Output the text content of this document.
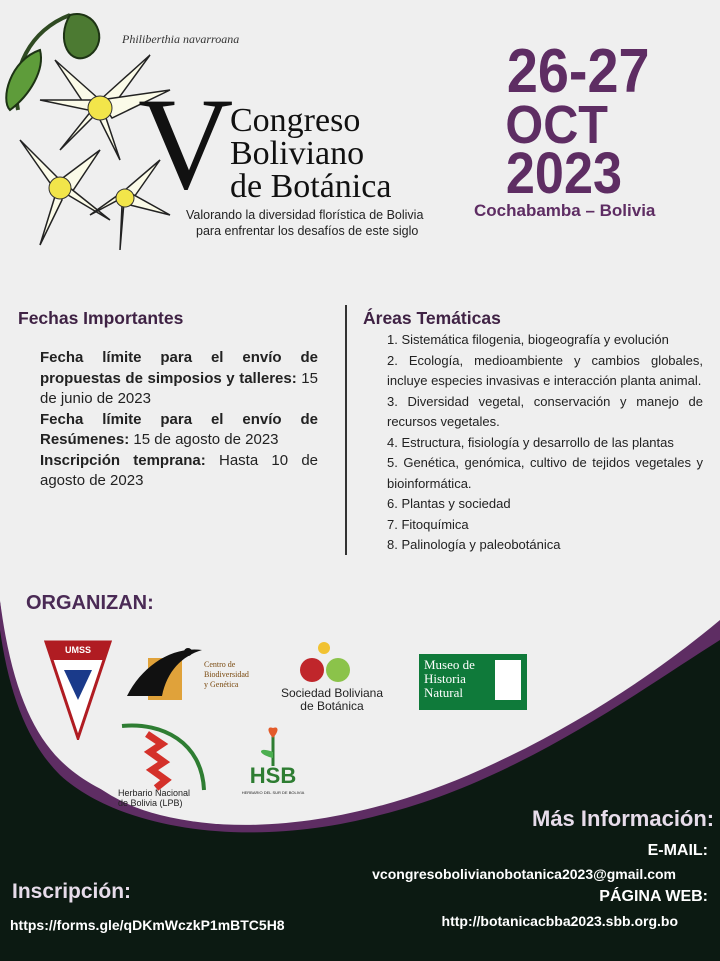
Philiberthia navarroana
V
Congreso
Boliviano
de Botánica
Valorando la diversidad florística de Bolivia
para enfrentar los desafíos de este siglo
26-27
OCT
2023
Cochabamba – Bolivia
Fechas Importantes
Fecha límite para el envío de propuestas de simposios y talleres: 15 de junio de 2023
Fecha límite para el envío de Resúmenes: 15 de agosto de 2023
Inscripción temprana: Hasta 10 de agosto de 2023
Áreas Temáticas
1. Sistemática filogenia, biogeografía y evolución
2. Ecología, medioambiente y cambios globales, incluye especies invasivas e interacción planta animal.
3. Diversidad vegetal, conservación y manejo de recursos vegetales.
4. Estructura, fisiología y desarrollo de las plantas
5. Genética, genómica, cultivo de tejidos vegetales y bioinformática.
6. Plantas y sociedad
7. Fitoquímica
8. Palinología y paleobotánica
ORGANIZAN:
UMSS
Centro de
Biodiversidad
y Genética
Sociedad Boliviana
de Botánica
Museo de
Historia
Natural
Herbario Nacional
de Bolivia (LPB)
HSB
HERBARIO DEL SUR DE BOLIVIA
Más Información:
E-MAIL:
vcongresobolivianobotanica2023@gmail.com
PÁGINA WEB:
http://botanicacbba2023.sbb.org.bo
Inscripción:
https://forms.gle/qDKmWczkP1mBTC5H8
